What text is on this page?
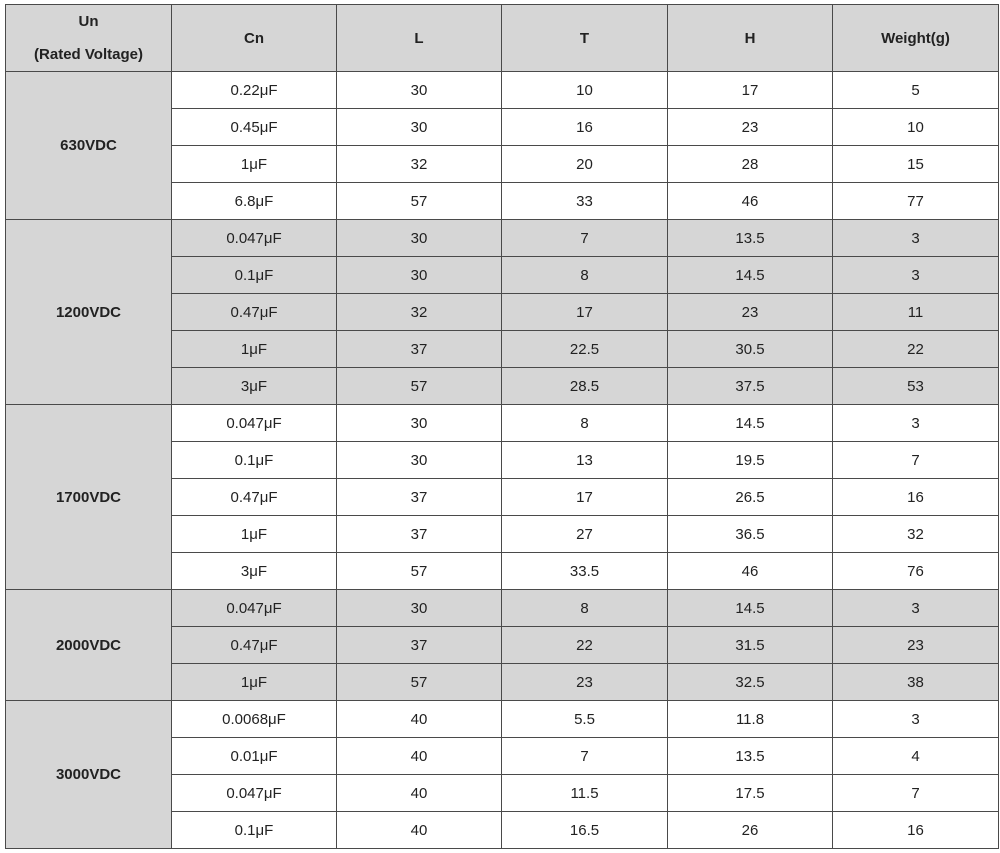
Un
(Rated Voltage)	Cn	L	T	H	Weight(g)
630VDC	0.22μF	30	10	17	5
	0.45μF	30	16	23	10
	1μF	32	20	28	15
	6.8μF	57	33	46	77
1200VDC	0.047μF	30	7	13.5	3
	0.1μF	30	8	14.5	3
	0.47μF	32	17	23	11
	1μF	37	22.5	30.5	22
	3μF	57	28.5	37.5	53
1700VDC	0.047μF	30	8	14.5	3
	0.1μF	30	13	19.5	7
	0.47μF	37	17	26.5	16
	1μF	37	27	36.5	32
	3μF	57	33.5	46	76
2000VDC	0.047μF	30	8	14.5	3
	0.47μF	37	22	31.5	23
	1μF	57	23	32.5	38
3000VDC	0.0068μF	40	5.5	11.8	3
	0.01μF	40	7	13.5	4
	0.047μF	40	11.5	17.5	7
	0.1μF	40	16.5	26	16
